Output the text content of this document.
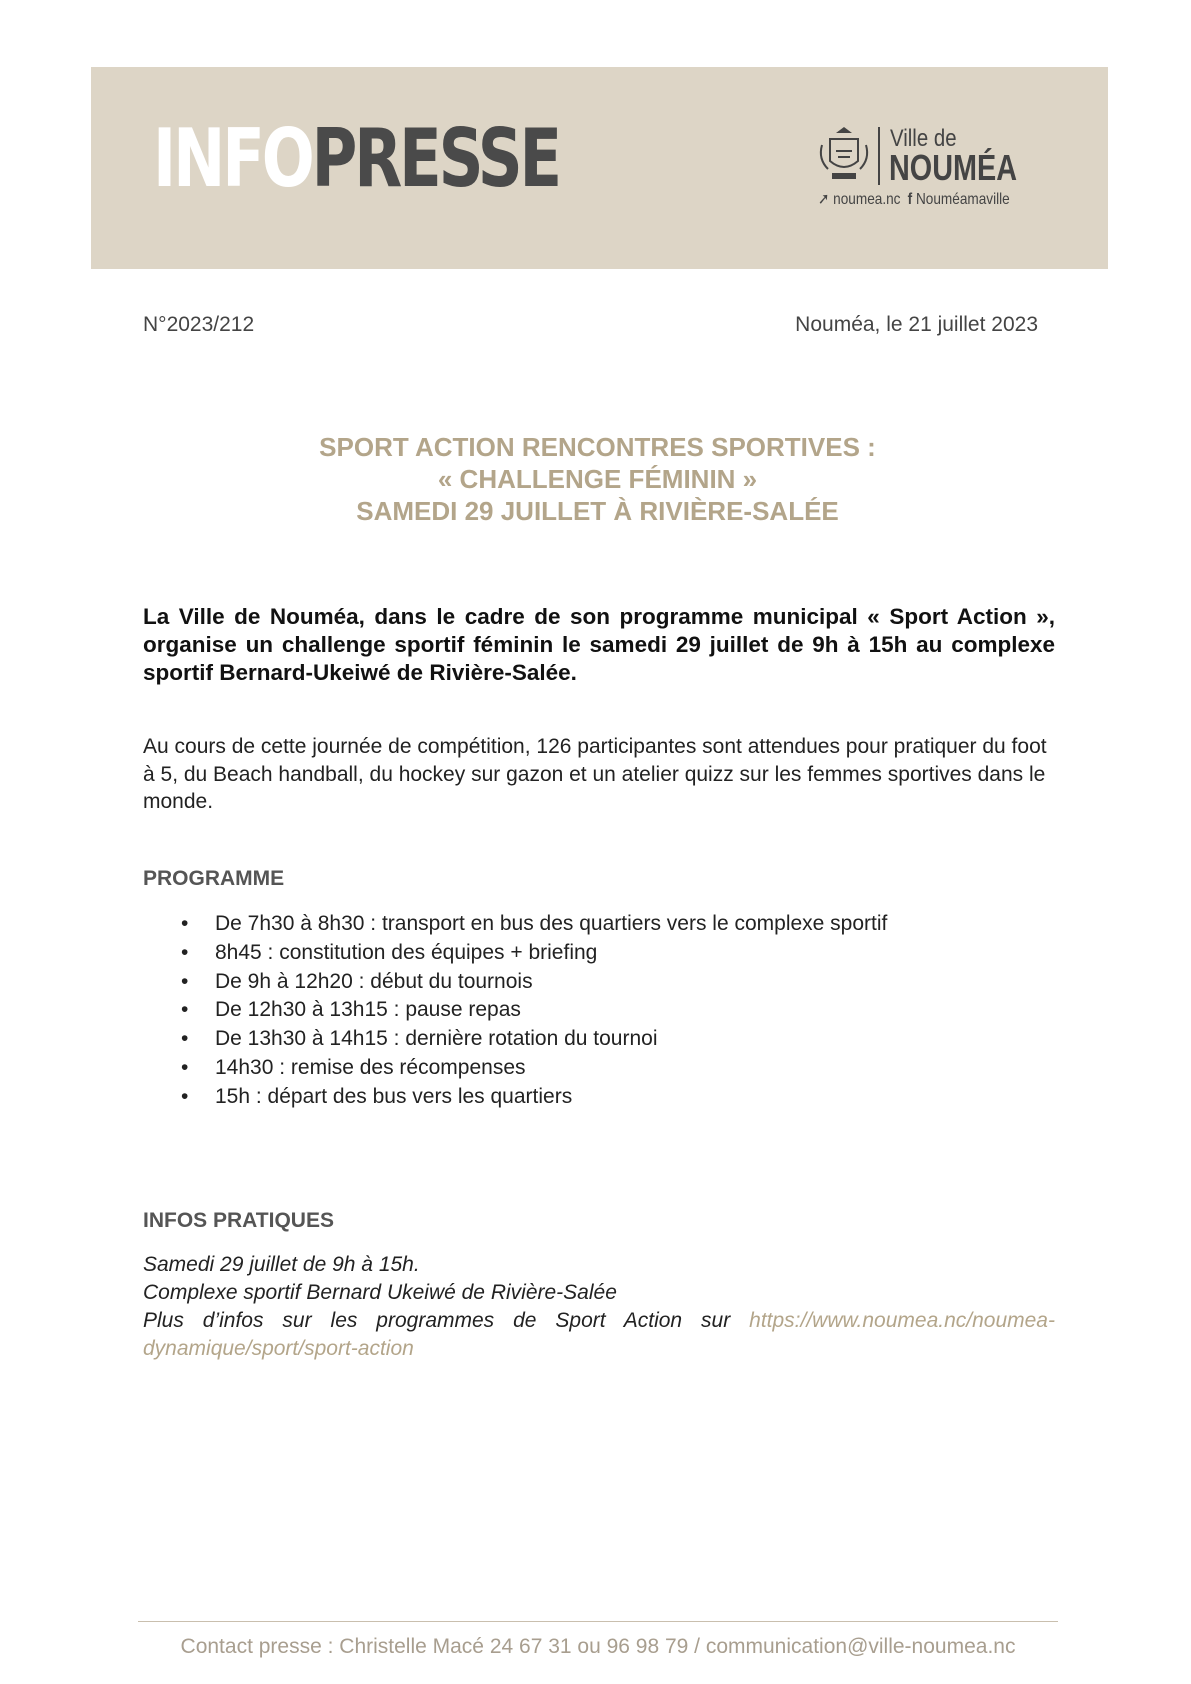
INFOPRESSE	Ville de
NOUMÉA
➚ noumea.nc f Nouméamaville
N°2023/212	Nouméa, le 21 juillet 2023
SPORT ACTION RENCONTRES SPORTIVES :
« CHALLENGE FÉMININ »
SAMEDI 29 JUILLET À RIVIÈRE-SALÉE
La Ville de Nouméa, dans le cadre de son programme municipal « Sport Action », organise un challenge sportif féminin le samedi 29 juillet de 9h à 15h au complexe sportif Bernard-Ukeiwé de Rivière-Salée.
Au cours de cette journée de compétition, 126 participantes sont attendues pour pratiquer du foot à 5, du Beach handball, du hockey sur gazon et un atelier quizz sur les femmes sportives dans le monde.
PROGRAMME
• De 7h30 à 8h30 : transport en bus des quartiers vers le complexe sportif
• 8h45 : constitution des équipes + briefing
• De 9h à 12h20 : début du tournois
• De 12h30 à 13h15 : pause repas
• De 13h30 à 14h15 : dernière rotation du tournoi
• 14h30 : remise des récompenses
• 15h : départ des bus vers les quartiers
INFOS PRATIQUES
Samedi 29 juillet de 9h à 15h.
Complexe sportif Bernard Ukeiwé de Rivière-Salée
Plus d’infos sur les programmes de Sport Action sur https://www.noumea.nc/noumea-
dynamique/sport/sport-action
Contact presse : Christelle Macé 24 67 31 ou 96 98 79 / communication@ville-noumea.nc
